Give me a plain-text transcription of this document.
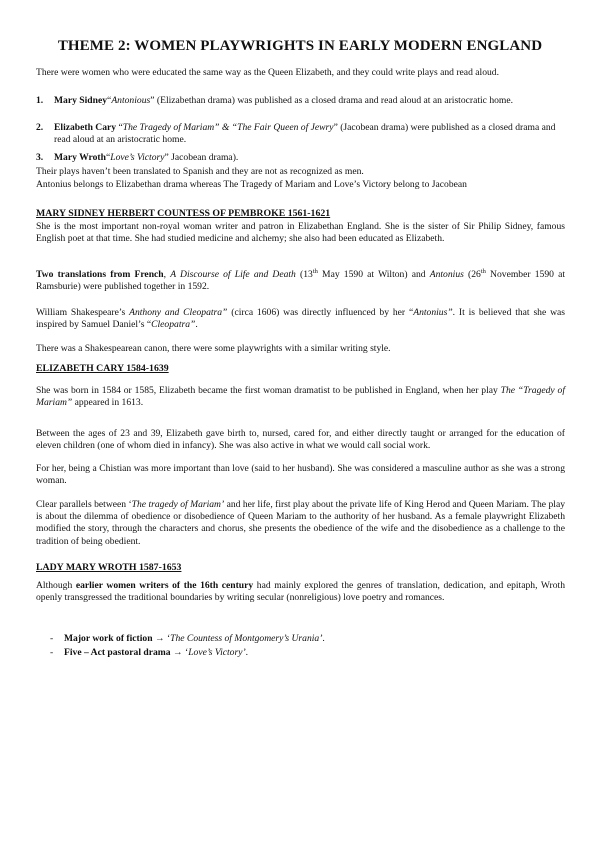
THEME 2: WOMEN PLAYWRIGHTS IN EARLY MODERN ENGLAND
There were women who were educated the same way as the Queen Elizabeth, and they could write plays and read aloud.
1. Mary Sidney“Antonious” (Elizabethan drama) was published as a closed drama and read aloud at an aristocratic home.
2. Elizabeth Cary “The Tragedy of Mariam” & “The Fair Queen of Jewry” (Jacobean drama) were published as a closed drama and read aloud at an aristocratic home.
3. Mary Wroth“Love’s Victory” Jacobean drama).
Their plays haven’t been translated to Spanish and they are not as recognized as men.
Antonius belongs to Elizabethan drama whereas The Tragedy of Mariam and Love’s Victory belong to Jacobean
MARY SIDNEY HERBERT COUNTESS OF PEMBROKE 1561-1621
She is the most important non-royal woman writer and patron in Elizabethan England. She is the sister of Sir Philip Sidney, famous English poet at that time. She had studied medicine and alchemy; she also had been educated as Elizabeth.
Two translations from French, A Discourse of Life and Death (13th May 1590 at Wilton) and Antonius (26th November 1590 at Ramsburie) were published together in 1592.
William Shakespeare’s Anthony and Cleopatra” (circa 1606) was directly influenced by her “Antonius”. It is believed that she was inspired by Samuel Daniel’s “Cleopatra”.
There was a Shakespearean canon, there were some playwrights with a similar writing style.
ELIZABETH CARY 1584-1639
She was born in 1584 or 1585, Elizabeth became the first woman dramatist to be published in England, when her play The “Tragedy of Mariam” appeared in 1613.
Between the ages of 23 and 39, Elizabeth gave birth to, nursed, cared for, and either directly taught or arranged for the education of eleven children (one of whom died in infancy). She was also active in what we would call social work.
For her, being a Chistian was more important than love (said to her husband). She was considered a masculine author as she was a strong woman.
Clear parallels between ‘The tragedy of Mariam’ and her life, first play about the private life of King Herod and Queen Mariam. The play is about the dilemma of obedience or disobedience of Queen Mariam to the authority of her husband. As a female playwright Elizabeth modified the story, through the characters and chorus, she presents the obedience of the wife and the disobedience as a challenge to the tradition of being obedient.
LADY MARY WROTH 1587-1653
Although earlier women writers of the 16th century had mainly explored the genres of translation, dedication, and epitaph, Wroth openly transgressed the traditional boundaries by writing secular (nonreligious) love poetry and romances.
- Major work of fiction → ‘The Countess of Montgomery’s Urania’.
- Five – Act pastoral drama → ‘Love’s Victory’.
